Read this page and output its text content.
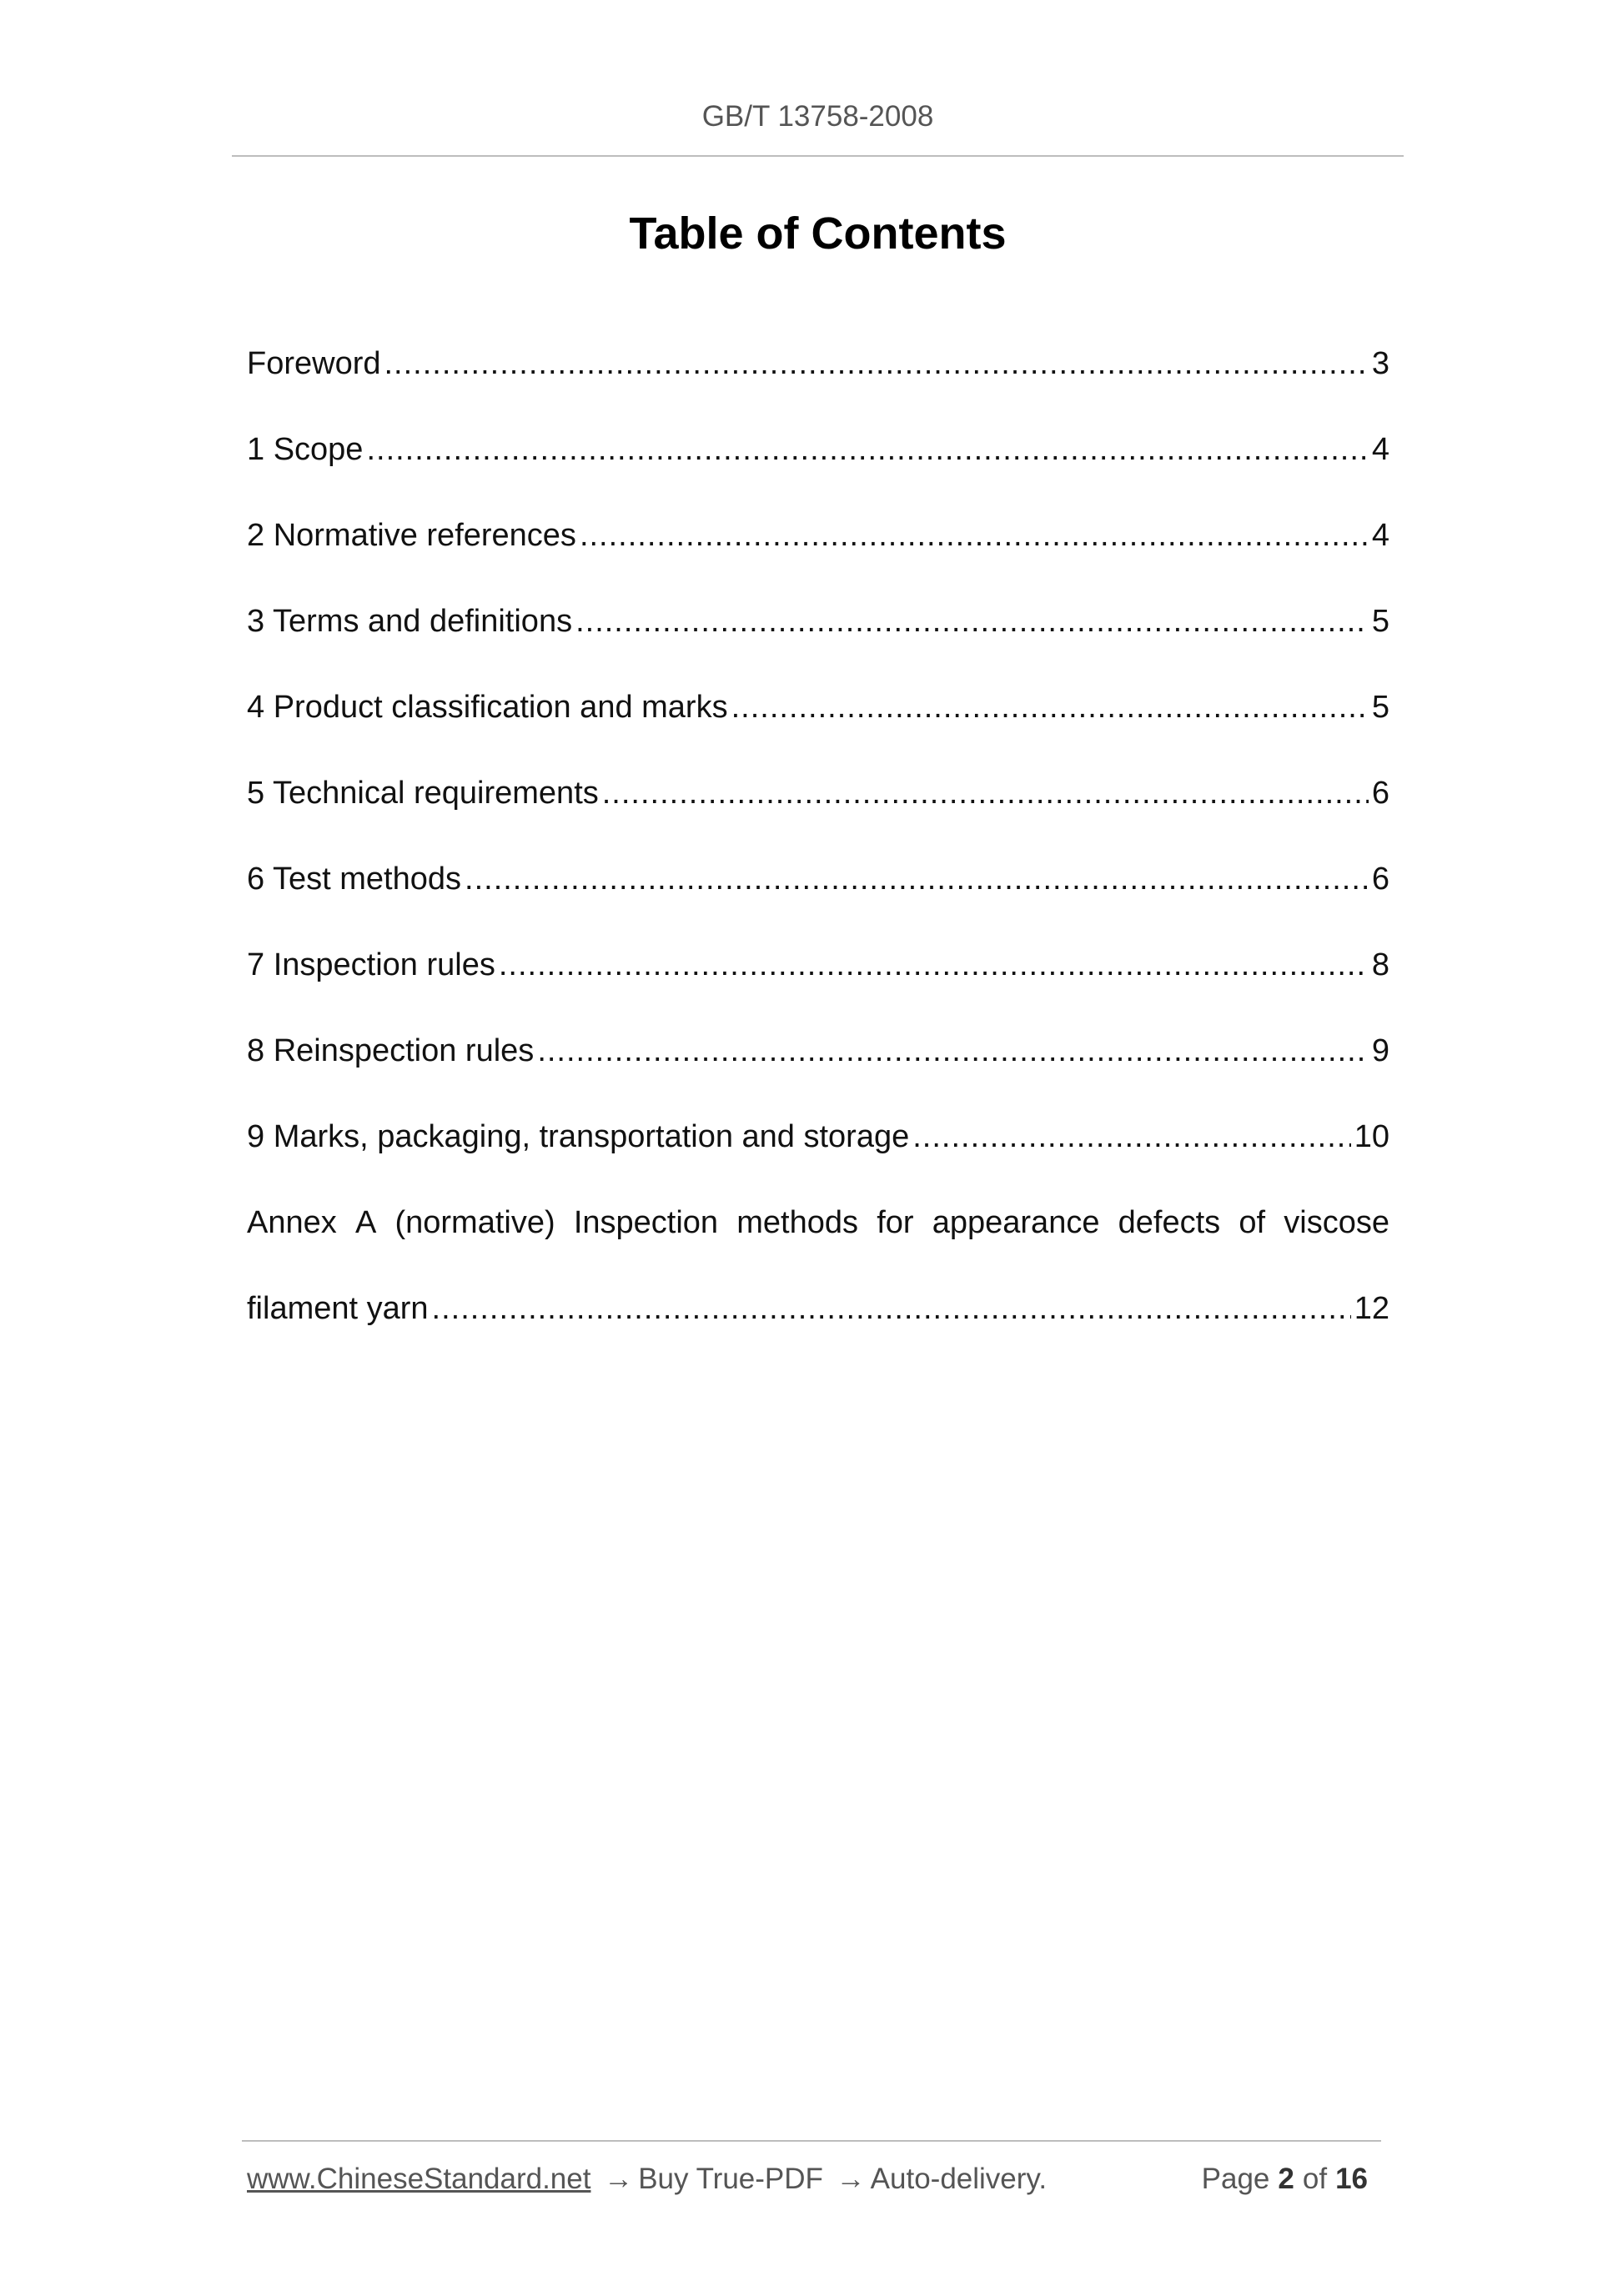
GB/T 13758-2008
Table of Contents
Foreword .....	3
1 Scope .....	4
2 Normative references .....	4
3 Terms and definitions .....	5
4 Product classification and marks .....	5
5 Technical requirements .....	6
6 Test methods .....	6
7 Inspection rules .....	8
8 Reinspection rules .....	9
9 Marks, packaging, transportation and storage .....	10
Annex A (normative) Inspection methods for appearance defects of viscose
filament yarn .....	12
www.ChineseStandard.net → Buy True-PDF → Auto-delivery.	Page 2 of 16
